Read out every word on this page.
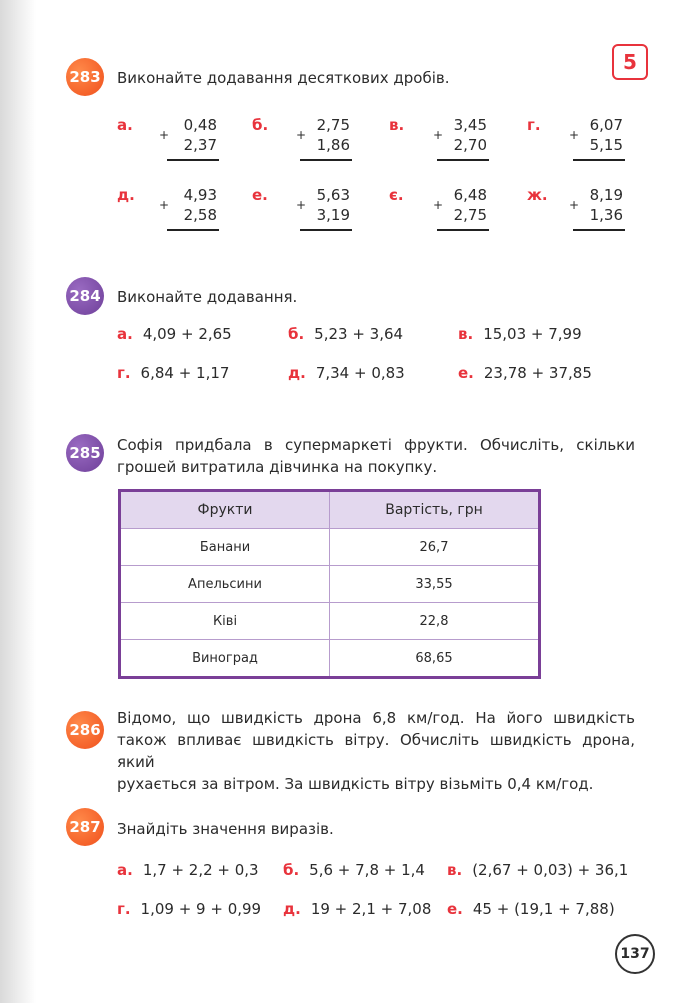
5
283 Виконайте додавання десяткових дробів.
а.
+
0,48
2,37
б.
+
2,75
1,86
в.
+
3,45
2,70
г.
+
6,07
5,15
д.
+
4,93
2,58
е.
+
5,63
3,19
є.
+
6,48
2,75
ж.
+
8,19
1,36
284 Виконайте додавання.
а. 4,09 + 2,65	б. 5,23 + 3,64	в. 15,03 + 7,99
г. 6,84 + 1,17	д. 7,34 + 0,83	е. 23,78 + 37,85
285 Софія придбала в супермаркеті фрукти. Обчисліть, скільки
грошей витратила дівчинка на покупку.
Фрукти	Вартість, грн
Банани	26,7
Апельсини	33,55
Ківі	22,8
Виноград	68,65
286
Відомо, що швидкість дрона 6,8 км/год. На його швидкість
також впливає швидкість вітру. Обчисліть швидкість дрона, який
рухається за вітром. За швидкість вітру візьміть 0,4 км/год.
287 Знайдіть значення виразів.
а. 1,7 + 2,2 + 0,3 б. 5,6 + 7,8 + 1,4 в. (2,67 + 0,03) + 36,1
г. 1,09 + 9 + 0,99 д. 19 + 2,1 + 7,08 е. 45 + (19,1 + 7,88)
137
